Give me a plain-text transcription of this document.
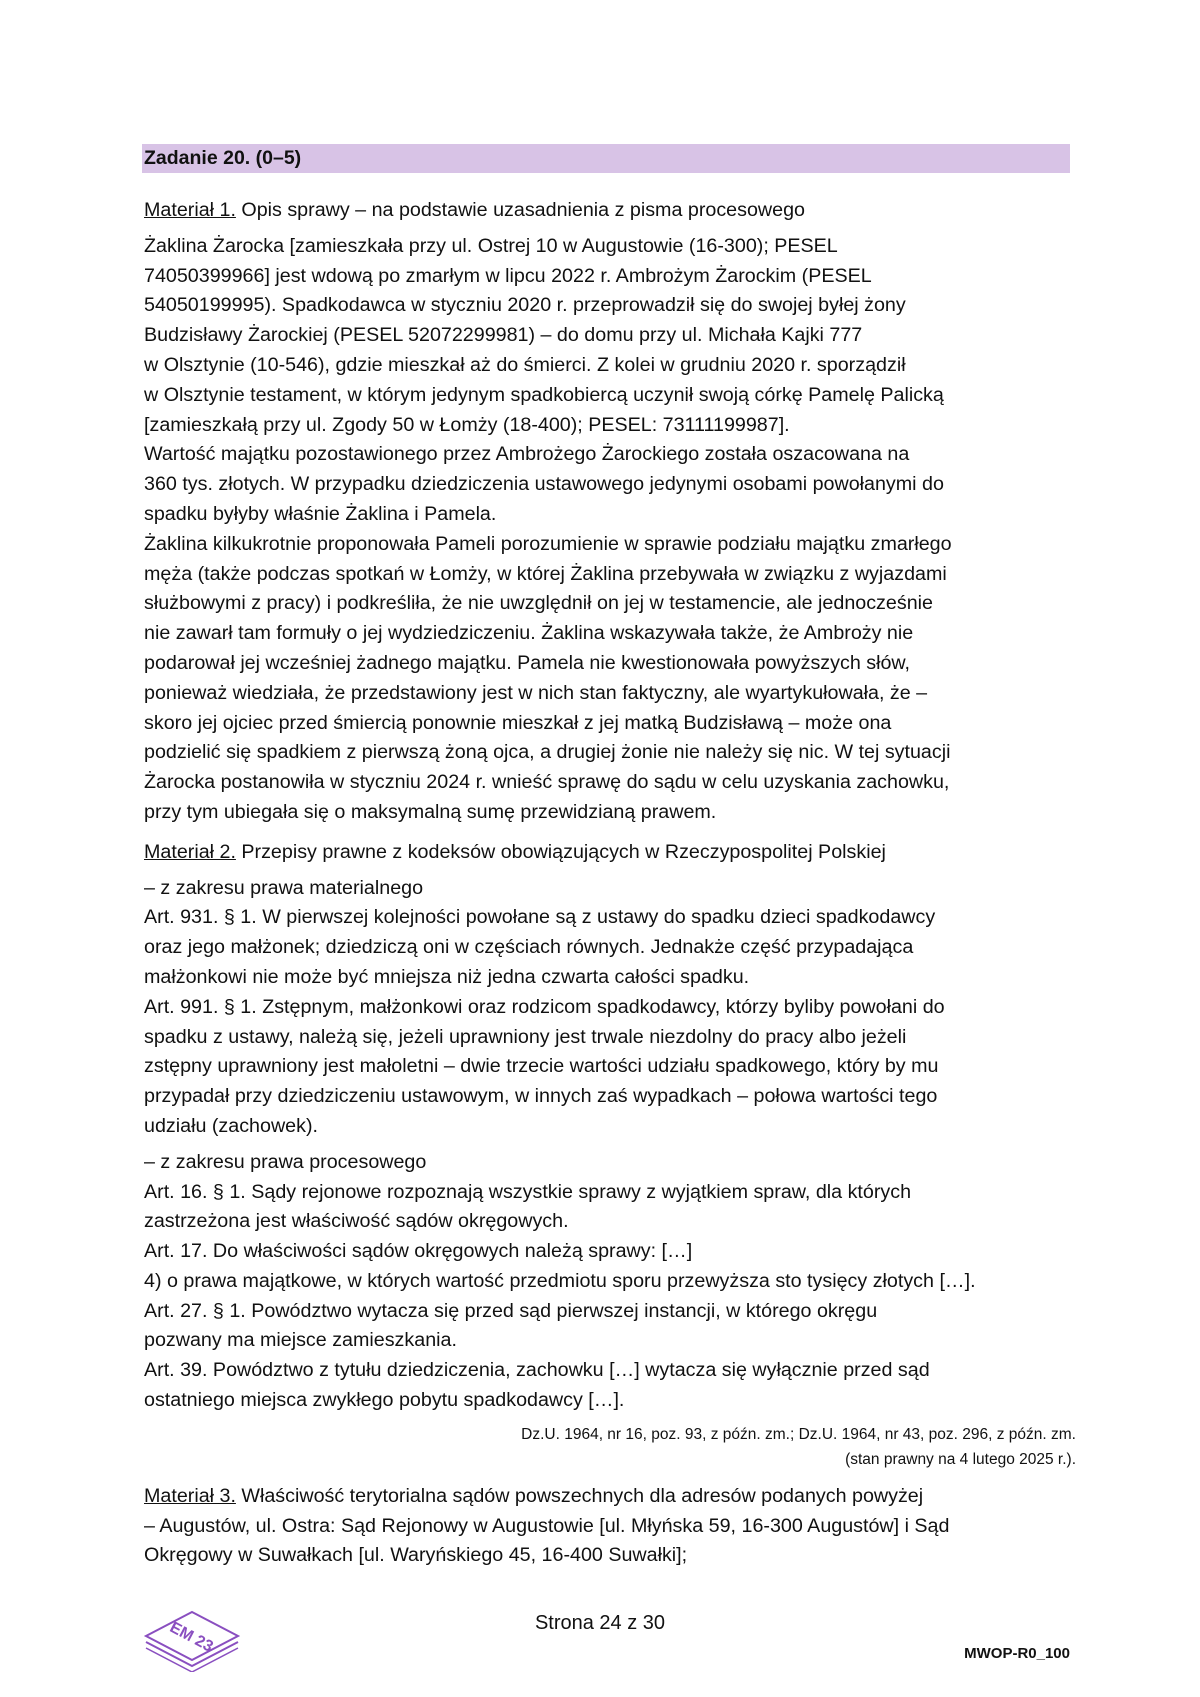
Zadanie 20. (0–5)

Materiał 1. Opis sprawy – na podstawie uzasadnienia z pisma procesowego

Żaklina Żarocka [zamieszkała przy ul. Ostrej 10 w Augustowie (16-300); PESEL

74050399966] jest wdową po zmarłym w lipcu 2022 r. Ambrożym Żarockim (PESEL

54050199995). Spadkodawca w styczniu 2020 r. przeprowadził się do swojej byłej żony

Budzisławy Żarockiej (PESEL 52072299981) – do domu przy ul. Michała Kajki 777

w Olsztynie (10-546), gdzie mieszkał aż do śmierci. Z kolei w grudniu 2020 r. sporządził

w Olsztynie testament, w którym jedynym spadkobiercą uczynił swoją córkę Pamelę Palicką

[zamieszkałą przy ul. Zgody 50 w Łomży (18-400); PESEL: 73111199987].

Wartość majątku pozostawionego przez Ambrożego Żarockiego została oszacowana na

360 tys. złotych. W przypadku dziedziczenia ustawowego jedynymi osobami powołanymi do

spadku byłyby właśnie Żaklina i Pamela.

Żaklina kilkukrotnie proponowała Pameli porozumienie w sprawie podziału majątku zmarłego

męża (także podczas spotkań w Łomży, w której Żaklina przebywała w związku z wyjazdami

służbowymi z pracy) i podkreśliła, że nie uwzględnił on jej w testamencie, ale jednocześnie

nie zawarł tam formuły o jej wydziedziczeniu. Żaklina wskazywała także, że Ambroży nie

podarował jej wcześniej żadnego majątku. Pamela nie kwestionowała powyższych słów,

ponieważ wiedziała, że przedstawiony jest w nich stan faktyczny, ale wyartykułowała, że –

skoro jej ojciec przed śmiercią ponownie mieszkał z jej matką Budzisławą – może ona

podzielić się spadkiem z pierwszą żoną ojca, a drugiej żonie nie należy się nic. W tej sytuacji

Żarocka postanowiła w styczniu 2024 r. wnieść sprawę do sądu w celu uzyskania zachowku,

przy tym ubiegała się o maksymalną sumę przewidzianą prawem.

Materiał 2. Przepisy prawne z kodeksów obowiązujących w Rzeczypospolitej Polskiej

– z zakresu prawa materialnego

Art. 931. § 1. W pierwszej kolejności powołane są z ustawy do spadku dzieci spadkodawcy

oraz jego małżonek; dziedziczą oni w częściach równych. Jednakże część przypadająca

małżonkowi nie może być mniejsza niż jedna czwarta całości spadku.

Art. 991. § 1. Zstępnym, małżonkowi oraz rodzicom spadkodawcy, którzy byliby powołani do

spadku z ustawy, należą się, jeżeli uprawniony jest trwale niezdolny do pracy albo jeżeli

zstępny uprawniony jest małoletni – dwie trzecie wartości udziału spadkowego, który by mu

przypadał przy dziedziczeniu ustawowym, w innych zaś wypadkach – połowa wartości tego

udziału (zachowek).

– z zakresu prawa procesowego

Art. 16. § 1. Sądy rejonowe rozpoznają wszystkie sprawy z wyjątkiem spraw, dla których

zastrzeżona jest właściwość sądów okręgowych.

Art. 17. Do właściwości sądów okręgowych należą sprawy: […]

4) o prawa majątkowe, w których wartość przedmiotu sporu przewyższa sto tysięcy złotych […].

Art. 27. § 1. Powództwo wytacza się przed sąd pierwszej instancji, w którego okręgu

pozwany ma miejsce zamieszkania.

Art. 39. Powództwo z tytułu dziedziczenia, zachowku […] wytacza się wyłącznie przed sąd

ostatniego miejsca zwykłego pobytu spadkodawcy […].

Dz.U. 1964, nr 16, poz. 93, z późn. zm.; Dz.U. 1964, nr 43, poz. 296, z późn. zm.
(stan prawny na 4 lutego 2025 r.).

Materiał 3. Właściwość terytorialna sądów powszechnych dla adresów podanych powyżej

– Augustów, ul. Ostra: Sąd Rejonowy w Augustowie [ul. Młyńska 59, 16-300 Augustów] i Sąd

Okręgowy w Suwałkach [ul. Waryńskiego 45, 16-400 Suwałki];

EM 23	Strona 24 z 30
MWOP-R0_100
